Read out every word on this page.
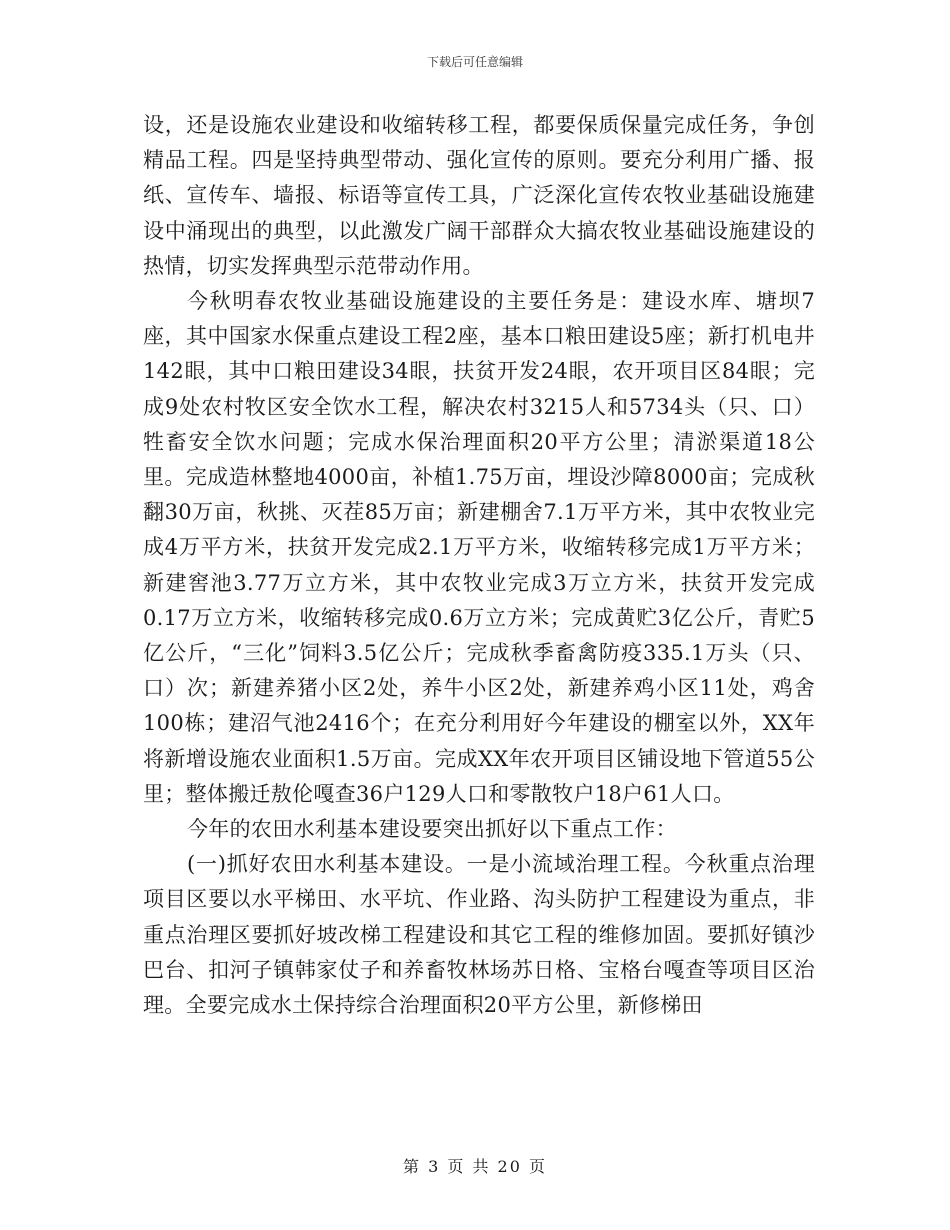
下载后可任意编辑

设，还是设施农业建设和收缩转移工程，都要保质保量完成任务，争创精品工程。四是坚持典型带动、强化宣传的原则。要充分利用广播、报纸、宣传车、墙报、标语等宣传工具，广泛深化宣传农牧业基础设施建设中涌现出的典型，以此激发广阔干部群众大搞农牧业基础设施建设的热情，切实发挥典型示范带动作用。

今秋明春农牧业基础设施建设的主要任务是：建设水库、塘坝7座，其中国家水保重点建设工程2座，基本口粮田建设5座；新打机电井142眼，其中口粮田建设34眼，扶贫开发24眼，农开项目区84眼；完成9处农村牧区安全饮水工程，解决农村3215人和5734头（只、口）牲畜安全饮水问题；完成水保治理面积20平方公里；清淤渠道18公里。完成造林整地4000亩，补植1.75万亩，埋设沙障8000亩；完成秋翻30万亩，秋挑、灭茬85万亩；新建棚舍7.1万平方米，其中农牧业完成4万平方米，扶贫开发完成2.1万平方米，收缩转移完成1万平方米；新建窖池3.77万立方米，其中农牧业完成3万立方米，扶贫开发完成0.17万立方米，收缩转移完成0.6万立方米；完成黄贮3亿公斤，青贮5亿公斤，“三化”饲料3.5亿公斤；完成秋季畜禽防疫335.1万头（只、口）次；新建养猪小区2处，养牛小区2处，新建养鸡小区11处，鸡舍100栋；建沼气池2416个；在充分利用好今年建设的棚室以外，XX年将新增设施农业面积1.5万亩。完成XX年农开项目区铺设地下管道55公里；整体搬迁敖伦嘎查36户129人口和零散牧户18户61人口。

今年的农田水利基本建设要突出抓好以下重点工作：

(一)抓好农田水利基本建设。一是小流域治理工程。今秋重点治理项目区要以水平梯田、水平坑、作业路、沟头防护工程建设为重点，非重点治理区要抓好坡改梯工程建设和其它工程的维修加固。要抓好镇沙巴台、扣河子镇韩家仗子和养畜牧林场苏日格、宝格台嘎查等项目区治理。全要完成水土保持综合治理面积20平方公里，新修梯田

第 3 页 共 20 页
